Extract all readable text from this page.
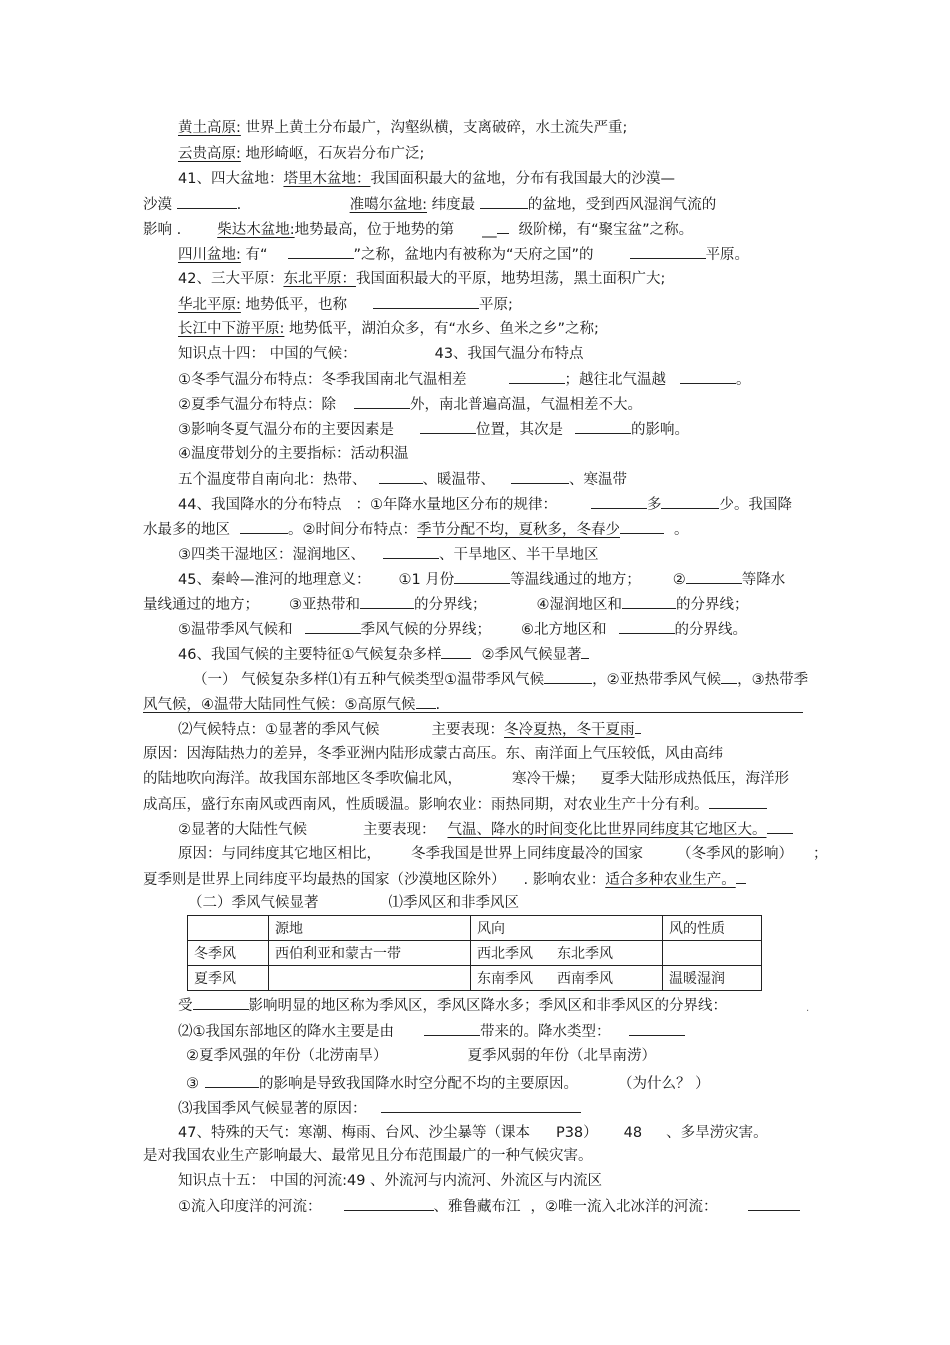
黄土高原: 世界上黄土分布最广，沟壑纵横，支离破碎，水土流失严重;
云贵高原: 地形崎岖，石灰岩分布广泛;
41、四大盆地：塔里木盆地：我国面积最大的盆地，分布有我国最大的沙漠—
沙漠	.	准噶尔盆地: 纬度最	的盆地，受到西风湿润气流的
影响 . 柴达木盆地:地势最高，位于地势的第 __ 级阶梯，有“聚宝盆”之称。
四川盆地: 有“	”之称，盆地内有被称为“天府之国”的	平原。
42、三大平原：东北平原：我国面积最大的平原，地势坦荡，黑土面积广大;
华北平原: 地势低平，也称	平原;
长江中下游平原: 地势低平，湖泊众多，有“水乡、鱼米之乡”之称;
知识点十四： 中国的气候：	43、我国气温分布特点
①冬季气温分布特点：冬季我国南北气温相差	；越往北气温越	。
②夏季气温分布特点：除	外，南北普遍高温，气温相差不大。
③影响冬夏气温分布的主要因素是	位置，其次是	的影响。
④温度带划分的主要指标：活动积温
五个温度带自南向北：热带、	、暖温带、	、寒温带
44、我国降水的分布特点 ：①年降水量地区分布的规律：	多	少。我国降
水最多的地区	。②时间分布特点：季节分配不均，夏秋多，冬春少	。
③四类干湿地区：湿润地区、	、干旱地区、半干旱地区
45、秦岭—淮河的地理意义： ①1 月份	等温线通过的地方； ②	等降水
量线通过的地方； ③亚热带和	的分界线；	④湿润地区和	的分界线；
⑤温带季风气候和	季风气候的分界线； ⑥北方地区和	的分界线。
46、我国气候的主要特征①气候复杂多样	②季风气候显著
（一） 气候复杂多样⑴有五种气候类型①温带季风气候	，②亚热带季风气候 ，③热带季
风气候，④温带大陆同性气候：⑤高原气候 .
⑵气候特点：①显著的季风气候	主要表现：冬冷夏热，冬干夏雨
原因：因海陆热力的差异，冬季亚洲内陆形成蒙古高压。东、南洋面上气压较低，风由高纬
的陆地吹向海洋。故我国东部地区冬季吹偏北风，	寒冷干燥； 夏季大陆形成热低压，海洋形
成高压，盛行东南风或西南风，性质暖温。影响农业：雨热同期，对农业生产十分有利。
②显著的大陆性气候	主要表现： 气温、降水的时间变化比世界同纬度其它地区大。
原因：与同纬度其它地区相比， 冬季我国是世界上同纬度最冷的国家 （冬季风的影响） ；
夏季则是世界上同纬度平均最热的国家（沙漠地区除外） . 影响农业：适合多种农业生产。
（二）季风气候显著	⑴季风区和非季风区
	源地	风向	风的性质
冬季风	西伯利亚和蒙古一带	西北季风 东北季风	
夏季风		东南季风 西南季风	温暖湿润
受	影响明显的地区称为季风区，季风区降水多；季风区和非季风区的分界线：	.
⑵①我国东部地区的降水主要是由	带来的。降水类型：
②夏季风强的年份（北涝南旱）	夏季风弱的年份（北旱南涝）
③	的影响是导致我国降水时空分配不均的主要原因。	（为什么？ ）
⑶我国季风气候显著的原因：
47、特殊的天气：寒潮、梅雨、台风、沙尘暴等（课本 P38） 48 、多旱涝灾害。
是对我国农业生产影响最大、最常见且分布范围最广的一种气候灾害。
知识点十五： 中国的河流:49 、外流河与内流河、外流区与内流区
①流入印度洋的河流：	、雅鲁藏布江 ，②唯一流入北冰洋的河流：
